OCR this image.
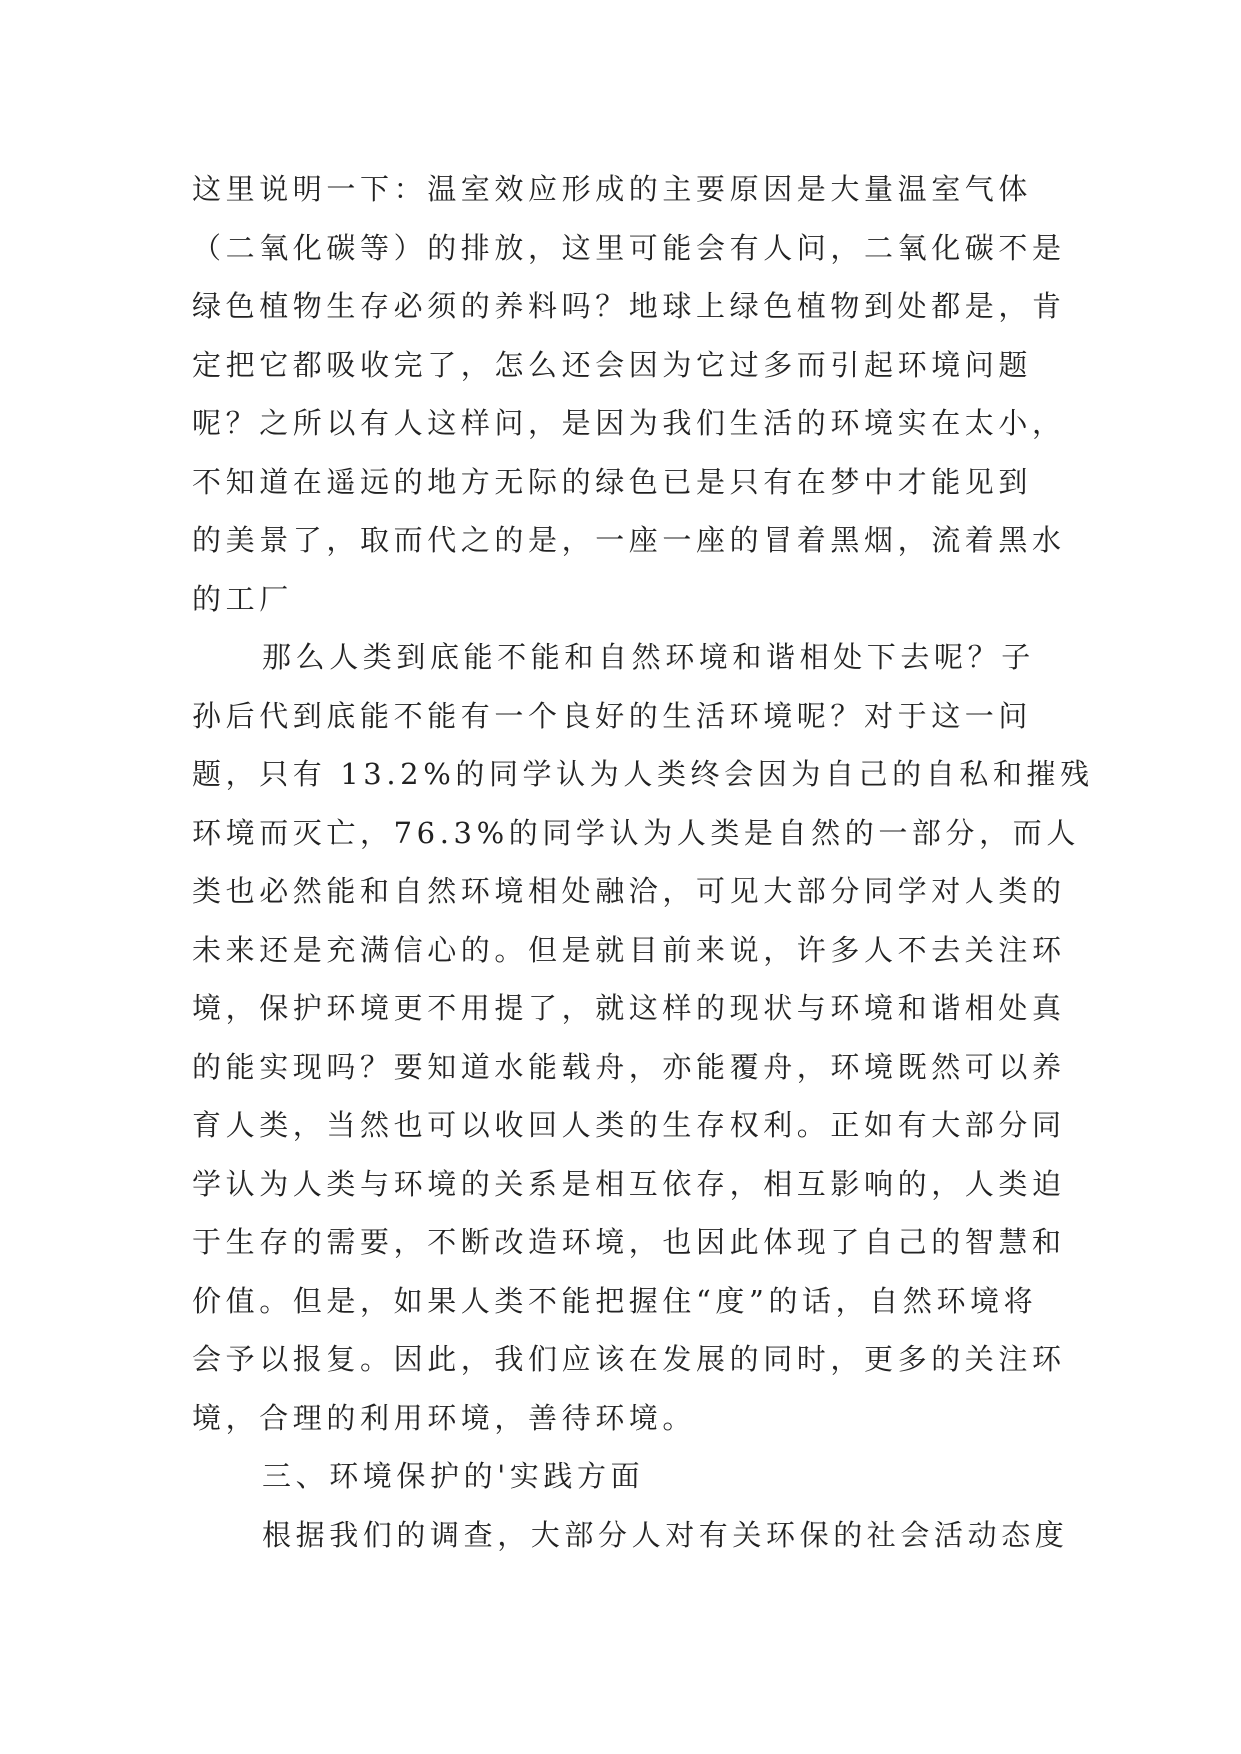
这里说明一下：温室效应形成的主要原因是大量温室气体
（二氧化碳等）的排放，这里可能会有人问，二氧化碳不是
绿色植物生存必须的养料吗？地球上绿色植物到处都是，肯
定把它都吸收完了，怎么还会因为它过多而引起环境问题
呢？之所以有人这样问，是因为我们生活的环境实在太小，
不知道在遥远的地方无际的绿色已是只有在梦中才能见到
的美景了，取而代之的是，一座一座的冒着黑烟，流着黑水
的工厂
那么人类到底能不能和自然环境和谐相处下去呢？子
孙后代到底能不能有一个良好的生活环境呢？对于这一问
题，只有 13.2%的同学认为人类终会因为自己的自私和摧残
环境而灭亡，76.3%的同学认为人类是自然的一部分，而人
类也必然能和自然环境相处融洽，可见大部分同学对人类的
未来还是充满信心的。但是就目前来说，许多人不去关注环
境，保护环境更不用提了，就这样的现状与环境和谐相处真
的能实现吗？要知道水能载舟，亦能覆舟，环境既然可以养
育人类，当然也可以收回人类的生存权利。正如有大部分同
学认为人类与环境的关系是相互依存，相互影响的，人类迫
于生存的需要，不断改造环境，也因此体现了自己的智慧和
价值。但是，如果人类不能把握住“度”的话，自然环境将
会予以报复。因此，我们应该在发展的同时，更多的关注环
境，合理的利用环境，善待环境。
三、环境保护的'实践方面
根据我们的调查，大部分人对有关环保的社会活动态度
